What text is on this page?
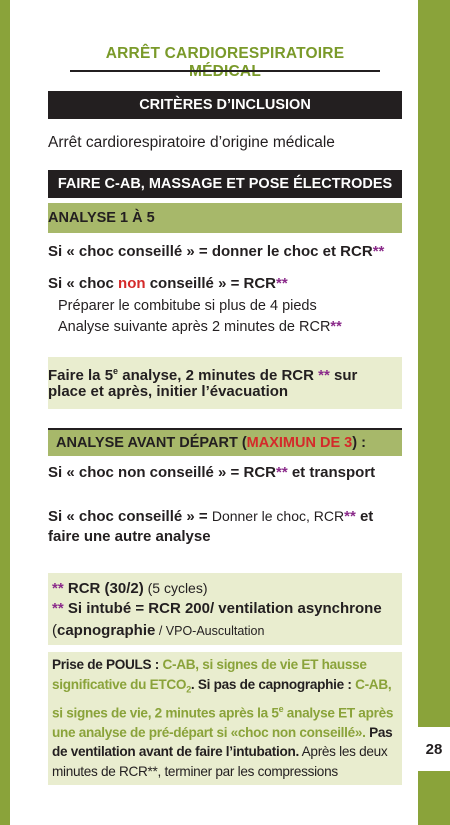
28
ARRÊT CARDIORESPIRATOIRE
CRITÈRES D’INCLUSION
Arrêt cardiorespiratoire d’origine médicale
FAIRE C-AB, MASSAGE ET POSE ÉLECTRODES
ANALYSE 1 À 5
Si « choc conseillé » = donner le choc et RCR**
Si « choc non conseillé » = RCR**
Préparer le combitube si plus de 4 pieds
Analyse suivante après 2 minutes de RCR**
Faire la 5e analyse, 2 minutes de RCR ** sur
place et après, initier l’évacuation
ANALYSE AVANT DÉPART ( MAXIMUN DE 3 ) :
Si « choc non conseillé » = RCR** et transport
Si « choc conseillé » = Donner le choc, RCR** et
faire une autre analyse
** RCR (30/2) (5 cycles)
** Si intubé = RCR 200/ ventilation asynchrone
(capnographie / VPO-Auscultation
Prise de POULS : C-AB, si signes de vie ET hausse significative du $ETCO_2$. Si pas de capnographie : C-AB, si signes de vie, 2 minutes après la 5e analyse ET après une analyse de pré-départ si «choc non conseillé». Pas de ventilation avant de faire l’intubation. Après les deux minutes de RCR**, terminer par les compressions
